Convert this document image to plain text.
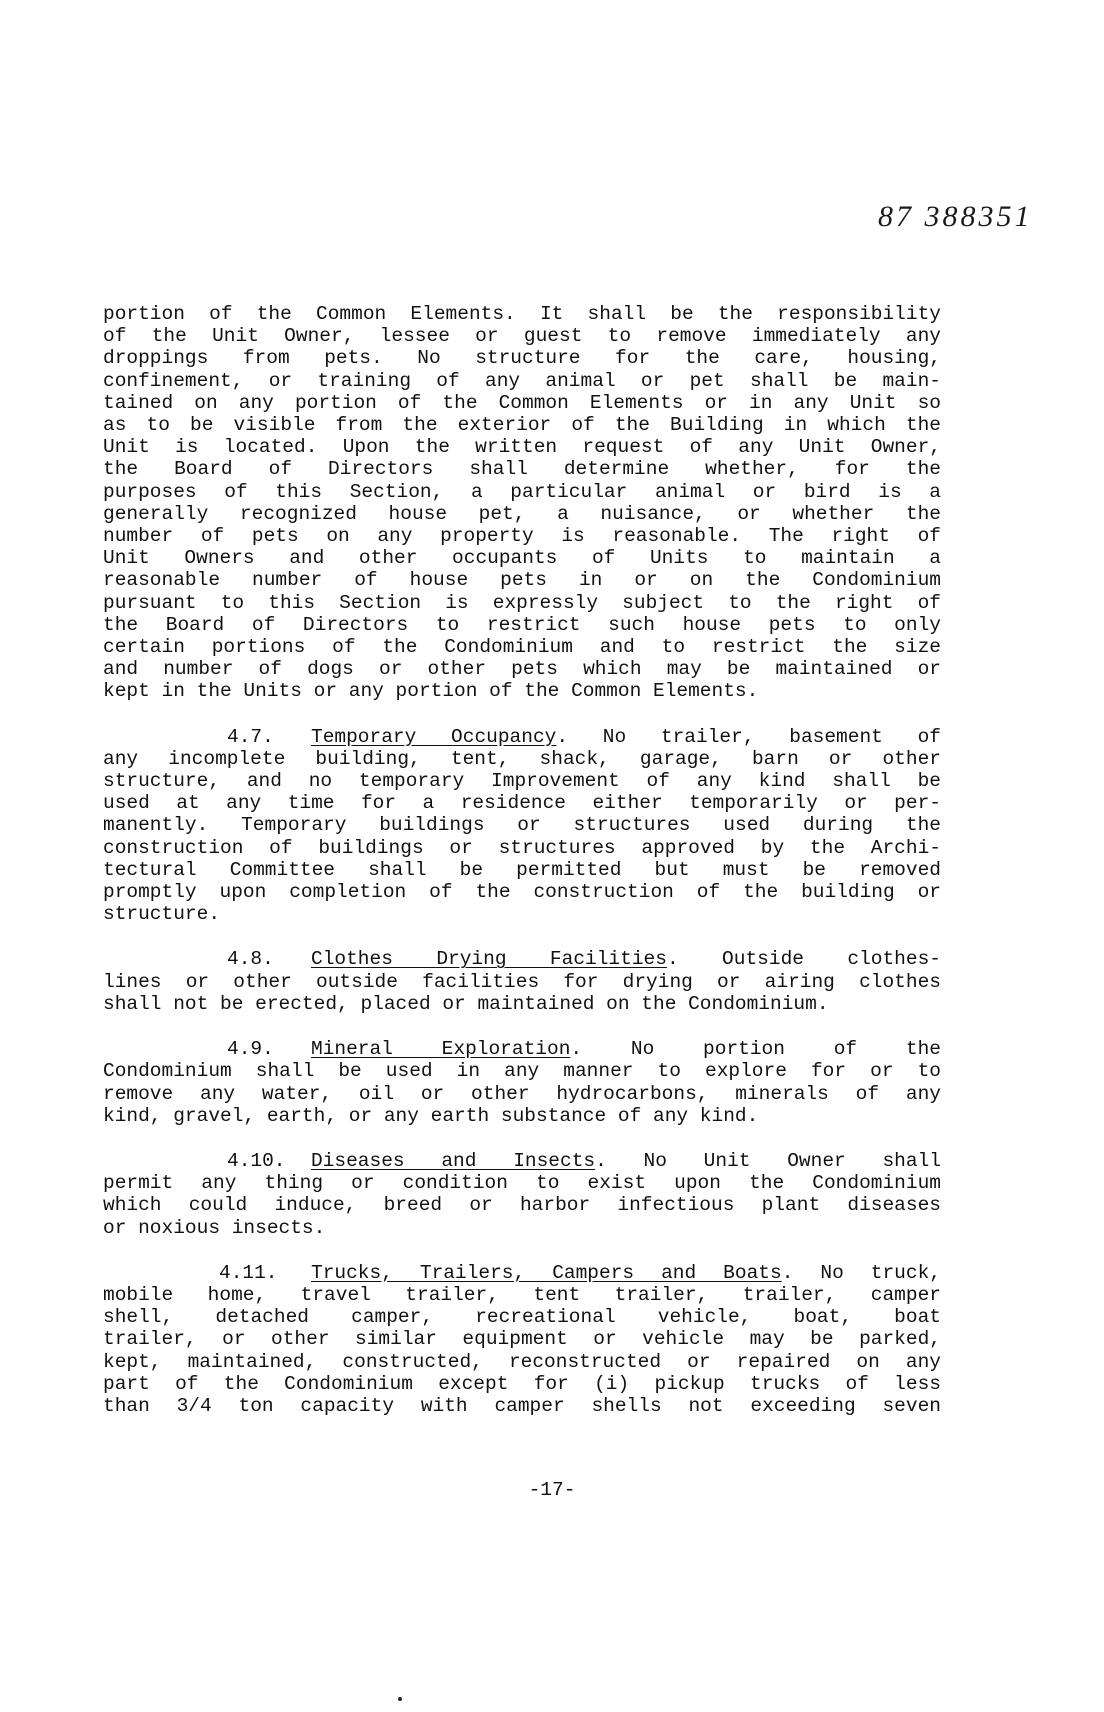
87 388351
portion of the Common Elements. It shall be the responsibility
of the Unit Owner, lessee or guest to remove immediately any
droppings from pets. No structure for the care, housing,
confinement, or training of any animal or pet shall be main-
tained on any portion of the Common Elements or in any Unit so
as to be visible from the exterior of the Building in which the
Unit is located. Upon the written request of any Unit Owner,
the Board of Directors shall determine whether, for the
purposes of this Section, a particular animal or bird is a
generally recognized house pet, a nuisance, or whether the
number of pets on any property is reasonable. The right of
Unit Owners and other occupants of Units to maintain a
reasonable number of house pets in or on the Condominium
pursuant to this Section is expressly subject to the right of
the Board of Directors to restrict such house pets to only
certain portions of the Condominium and to restrict the size
and number of dogs or other pets which may be maintained or
kept in the Units or any portion of the Common Elements.
4.7. Temporary Occupancy. No trailer, basement of
any incomplete building, tent, shack, garage, barn or other
structure, and no temporary Improvement of any kind shall be
used at any time for a residence either temporarily or per-
manently. Temporary buildings or structures used during the
construction of buildings or structures approved by the Archi-
tectural Committee shall be permitted but must be removed
promptly upon completion of the construction of the building or
structure.
4.8. Clothes Drying Facilities. Outside clothes-
lines or other outside facilities for drying or airing clothes
shall not be erected, placed or maintained on the Condominium.
4.9. Mineral Exploration. No portion of the
Condominium shall be used in any manner to explore for or to
remove any water, oil or other hydrocarbons, minerals of any
kind, gravel, earth, or any earth substance of any kind.
4.10. Diseases and Insects. No Unit Owner shall
permit any thing or condition to exist upon the Condominium
which could induce, breed or harbor infectious plant diseases
or noxious insects.
4.11. Trucks, Trailers, Campers and Boats. No truck,
mobile home, travel trailer, tent trailer, trailer, camper
shell, detached camper, recreational vehicle, boat, boat
trailer, or other similar equipment or vehicle may be parked,
kept, maintained, constructed, reconstructed or repaired on any
part of the Condominium except for (i) pickup trucks of less
than 3/4 ton capacity with camper shells not exceeding seven
-17-
